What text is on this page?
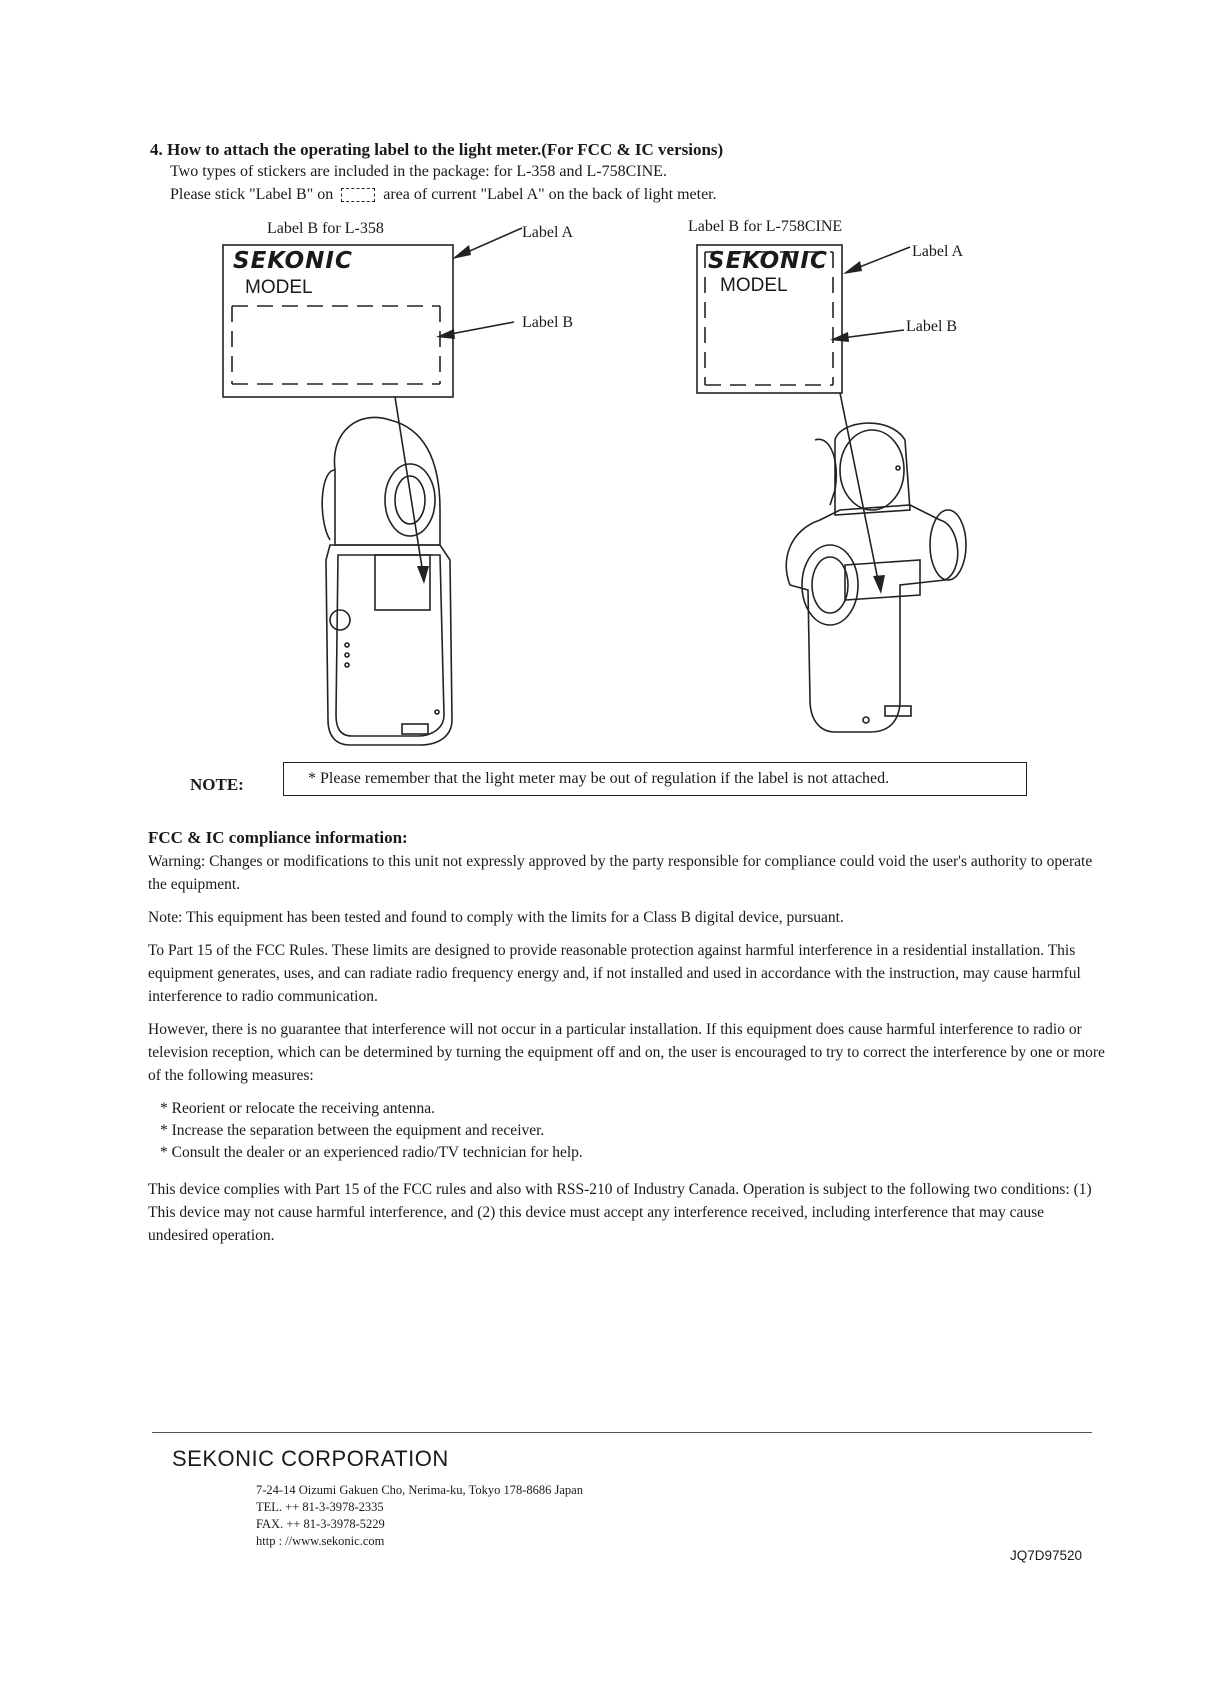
4. How to attach the operating label to the light meter.(For FCC & IC versions)
Two types of stickers are included in the package: for L-358 and L-758CINE.
Please stick "Label B" on	area of current "Label A" on the back of light meter.
Label B for L-358
SEKONIC
MODEL
Label A
Label B
Label B for L-758CINE
SEKONIC
MODEL
Label A
Label B
NOTE:	* Please remember that the light meter may be out of regulation if the label is not attached.
FCC & IC compliance information:
Warning: Changes or modifications to this unit not expressly approved by the party responsible for compliance could void the user's authority to operate the equipment.
Note: This equipment has been tested and found to comply with the limits for a Class B digital device, pursuant.
To Part 15 of the FCC Rules. These limits are designed to provide reasonable protection against harmful interference in a residential installation. This equipment generates, uses, and can radiate radio frequency energy and, if not installed and used in accordance with the instruction, may cause harmful interference to radio communication.
However, there is no guarantee that interference will not occur in a particular installation. If this equipment does cause harmful interference to radio or television reception, which can be determined by turning the equipment off and on, the user is encouraged to try to correct the interference by one or more of the following measures:
* Reorient or relocate the receiving antenna.
* Increase the separation between the equipment and receiver.
* Consult the dealer or an experienced radio/TV technician for help.
This device complies with Part 15 of the FCC rules and also with RSS-210 of Industry Canada. Operation is subject to the following two conditions: (1) This device may not cause harmful interference, and (2) this device must accept any interference received, including interference that may cause undesired operation.
SEKONIC CORPORATION
7-24-14 Oizumi Gakuen Cho, Nerima-ku, Tokyo 178-8686 Japan
TEL. ++ 81-3-3978-2335
FAX. ++ 81-3-3978-5229
http : //www.sekonic.com
JQ7D97520
